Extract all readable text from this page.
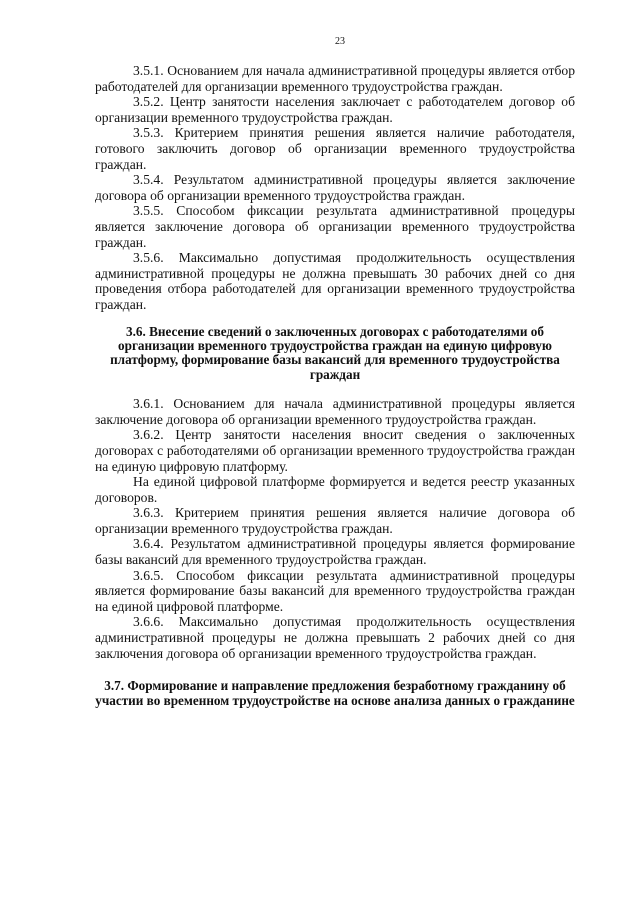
23

3.5.1. Основанием для начала административной процедуры является отбор работодателей для организации временного трудоустройства граждан.

3.5.2. Центр занятости населения заключает с работодателем договор об организации временного трудоустройства граждан.

3.5.3. Критерием принятия решения является наличие работодателя, готового заключить договор об организации временного трудоустройства граждан.

3.5.4. Результатом административной процедуры является заключение договора об организации временного трудоустройства граждан.

3.5.5. Способом фиксации результата административной процедуры является заключение договора об организации временного трудоустройства граждан.

3.5.6. Максимально допустимая продолжительность осуществления административной процедуры не должна превышать 30 рабочих дней со дня проведения отбора работодателей для организации временного трудоустройства граждан.

3.6. Внесение сведений о заключенных договорах с работодателями об организации временного трудоустройства граждан на единую цифровую платформу, формирование базы вакансий для временного трудоустройства граждан

3.6.1. Основанием для начала административной процедуры является заключение договора об организации временного трудоустройства граждан.

3.6.2. Центр занятости населения вносит сведения о заключенных договорах с работодателями об организации временного трудоустройства граждан на единую цифровую платформу.

На единой цифровой платформе формируется и ведется реестр указанных договоров.

3.6.3. Критерием принятия решения является наличие договора об организации временного трудоустройства граждан.

3.6.4. Результатом административной процедуры является формирование базы вакансий для временного трудоустройства граждан.

3.6.5. Способом фиксации результата административной процедуры является формирование базы вакансий для временного трудоустройства граждан на единой цифровой платформе.

3.6.6. Максимально допустимая продолжительность осуществления административной процедуры не должна превышать 2 рабочих дней со дня заключения договора об организации временного трудоустройства граждан.

3.7. Формирование и направление предложения безработному гражданину об участии во временном трудоустройстве на основе анализа данных о гражданине
